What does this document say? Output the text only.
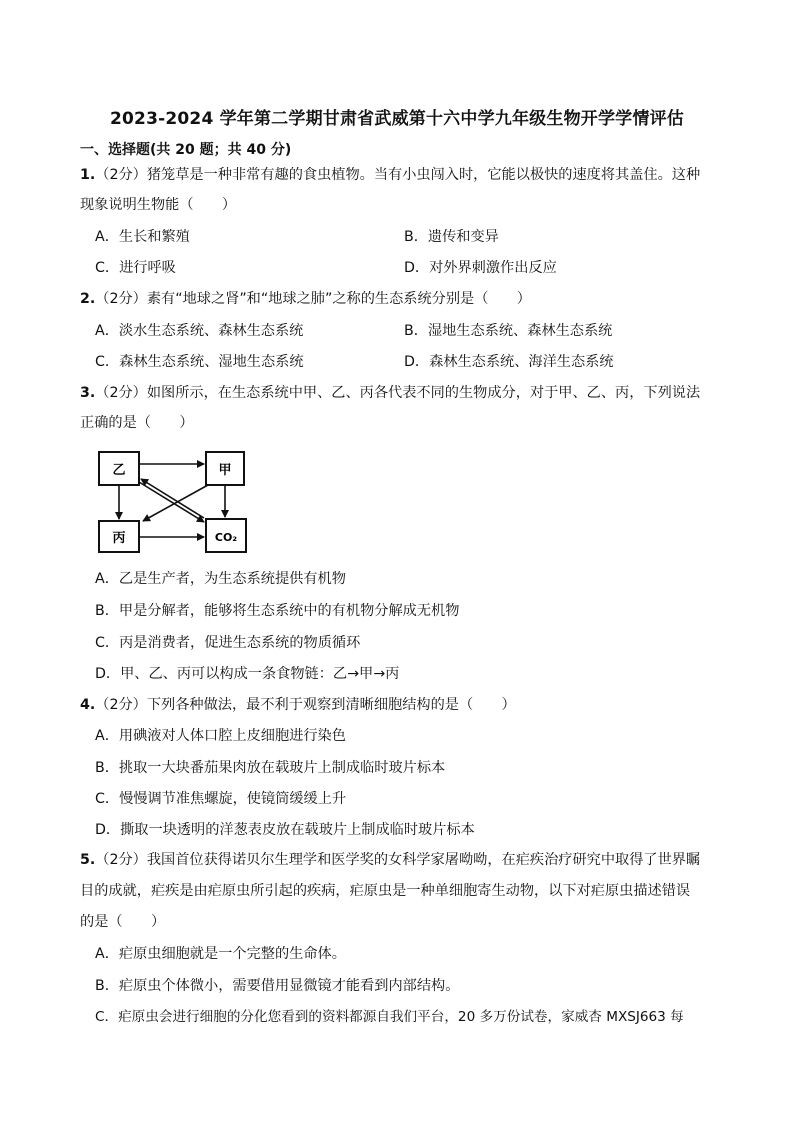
2023-2024 学年第二学期甘肃省武威第十六中学九年级生物开学学情评估
一、选择题(共 20 题；共 40 分)
1.（2分）猪笼草是一种非常有趣的食虫植物。当有小虫闯入时，它能以极快的速度将其盖住。这种
现象说明生物能（　　）
A．生长和繁殖	B．遗传和变异
C．进行呼吸	D．对外界刺激作出反应
2.（2分）素有“地球之肾”和“地球之肺”之称的生态系统分别是（　　）
A．淡水生态系统、森林生态系统	B．湿地生态系统、森林生态系统
C．森林生态系统、湿地生态系统	D．森林生态系统、海洋生态系统
3.（2分）如图所示，在生态系统中甲、乙、丙各代表不同的生物成分，对于甲、乙、丙，下列说法
正确的是（　　）
乙	甲
丙	CO₂
A．乙是生产者，为生态系统提供有机物
B．甲是分解者，能够将生态系统中的有机物分解成无机物
C．丙是消费者，促进生态系统的物质循环
D．甲、乙、丙可以构成一条食物链：乙→甲→丙
4.（2分）下列各种做法，最不利于观察到清晰细胞结构的是（　　）
A．用碘液对人体口腔上皮细胞进行染色
B．挑取一大块番茄果肉放在载玻片上制成临时玻片标本
C．慢慢调节准焦螺旋，使镜筒缓缓上升
D．撕取一块透明的洋葱表皮放在载玻片上制成临时玻片标本
5.（2分）我国首位获得诺贝尔生理学和医学奖的女科学家屠呦呦，在疟疾治疗研究中取得了世界瞩
目的成就，疟疾是由疟原虫所引起的疾病，疟原虫是一种单细胞寄生动物，以下对疟原虫描述错误
的是（　　）
A．疟原虫细胞就是一个完整的生命体。
B．疟原虫个体微小，需要借用显微镜才能看到内部结构。
C．疟原虫会进行细胞的分化您看到的资料都源自我们平台，20 多万份试卷，家威杏 MXSJ663 每
